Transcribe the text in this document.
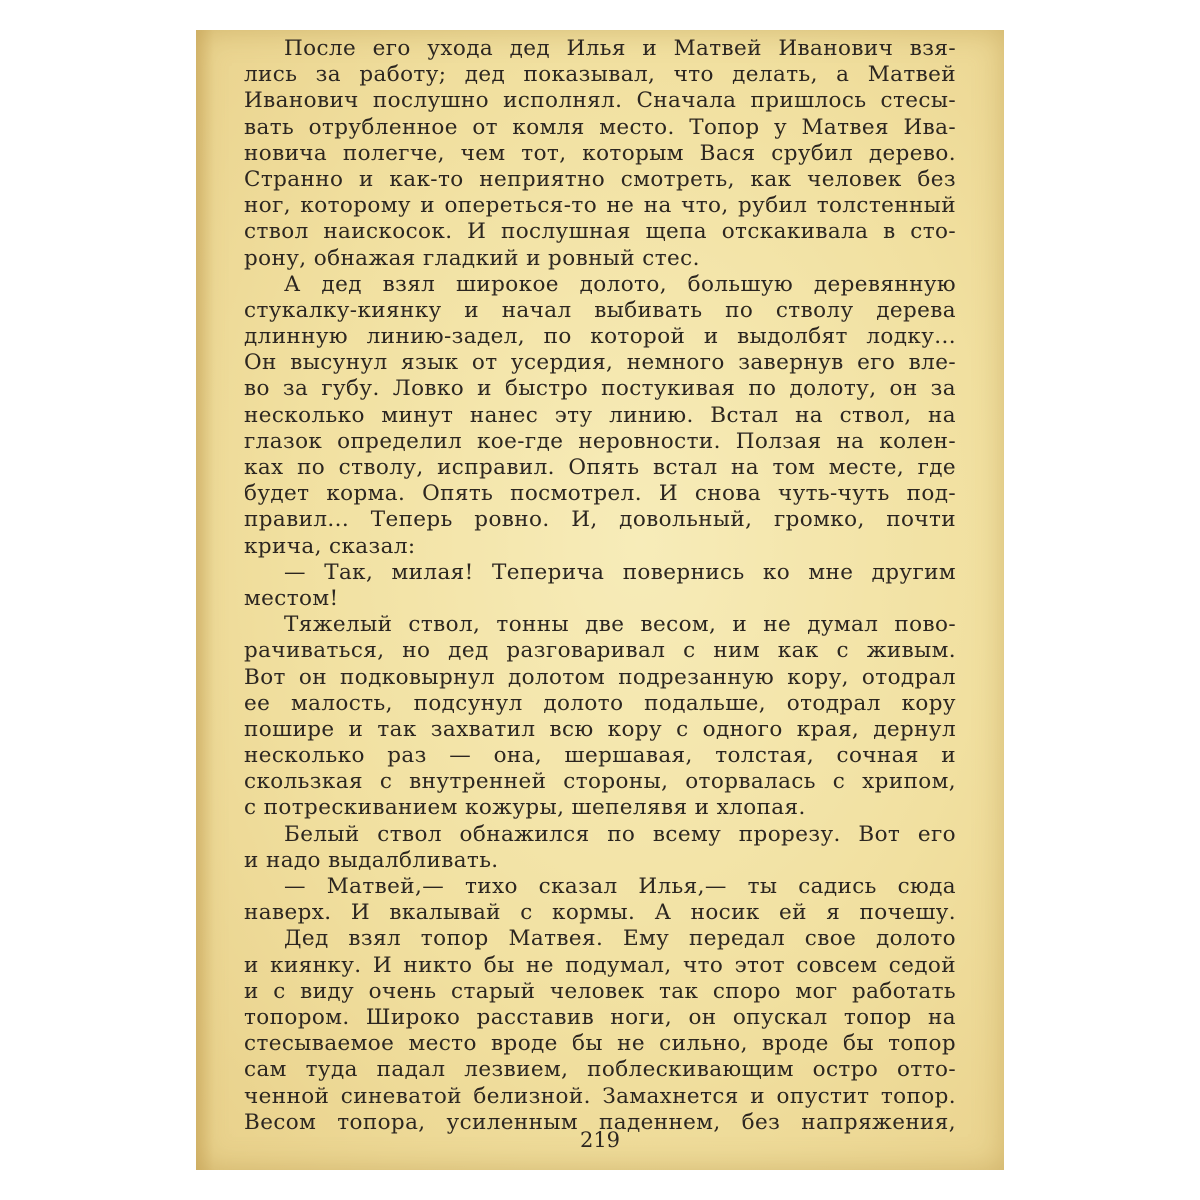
После его ухода дед Илья и Матвей Иванович взя-
лись за работу; дед показывал, что делать, а Матвей
Иванович послушно исполнял. Сначала пришлось стесы-
вать отрубленное от комля место. Топор у Матвея Ива-
новича полегче, чем тот, которым Вася срубил дерево.
Странно и как-то неприятно смотреть, как человек без
ног, которому и опереться-то не на что, рубил толстенный
ствол наискосок. И послушная щепа отскакивала в сто-
рону, обнажая гладкий и ровный стес.
А дед взял широкое долото, большую деревянную
стукалку-киянку и начал выбивать по стволу дерева
длинную линию-задел, по которой и выдолбят лодку...
Он высунул язык от усердия, немного завернув его вле-
во за губу. Ловко и быстро постукивая по долоту, он за
несколько минут нанес эту линию. Встал на ствол, на
глазок определил кое-где неровности. Ползая на колен-
ках по стволу, исправил. Опять встал на том месте, где
будет корма. Опять посмотрел. И снова чуть-чуть под-
правил... Теперь ровно. И, довольный, громко, почти
крича, сказал:
— Так, милая! Теперича повернись ко мне другим
местом!
Тяжелый ствол, тонны две весом, и не думал пово-
рачиваться, но дед разговаривал с ним как с живым.
Вот он подковырнул долотом подрезанную кору, отодрал
ее малость, подсунул долото подальше, отодрал кору
пошире и так захватил всю кору с одного края, дернул
несколько раз — она, шершавая, толстая, сочная и
скользкая с внутренней стороны, оторвалась с хрипом,
с потрескиванием кожуры, шепелявя и хлопая.
Белый ствол обнажился по всему прорезу. Вот его
и надо выдалбливать.
— Матвей,— тихо сказал Илья,— ты садись сюда
наверх. И вкалывай с кормы. А носик ей я почешу.
Дед взял топор Матвея. Ему передал свое долото
и киянку. И никто бы не подумал, что этот совсем седой
и с виду очень старый человек так споро мог работать
топором. Широко расставив ноги, он опускал топор на
стесываемое место вроде бы не сильно, вроде бы топор
сам туда падал лезвием, поблескивающим остро отто-
ченной синеватой белизной. Замахнется и опустит топор.
Весом топора, усиленным паденнем, без напряжения,
219
